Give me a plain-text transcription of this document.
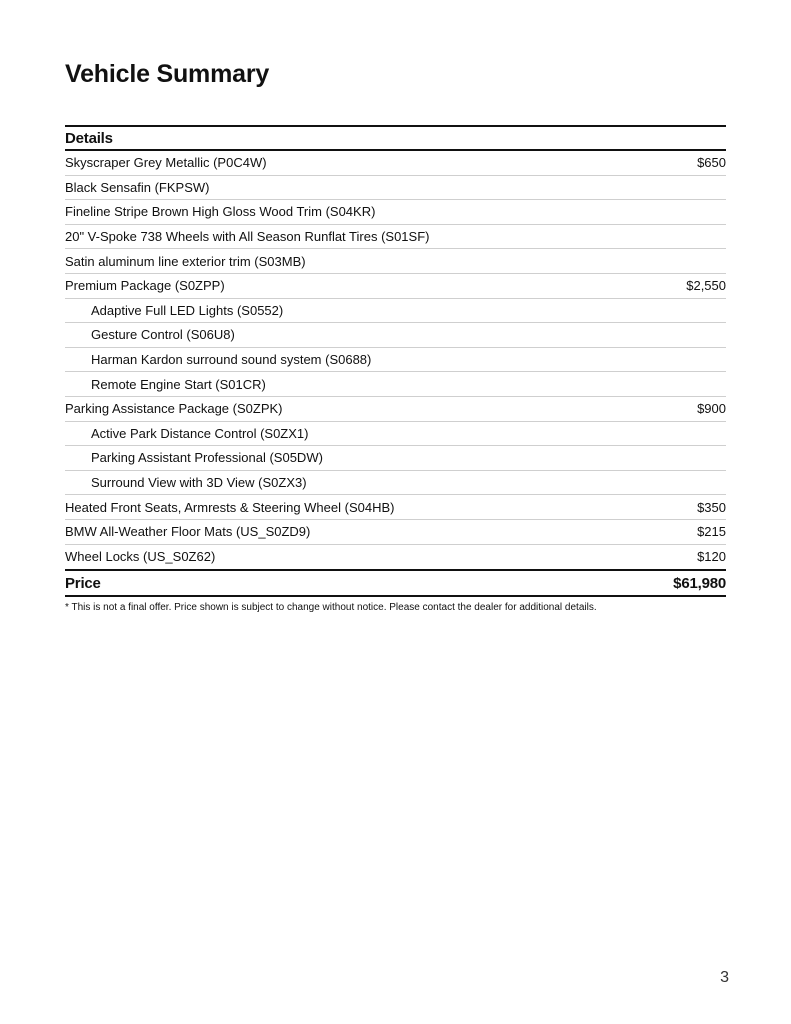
Vehicle Summary
Details
Skyscraper Grey Metallic (P0C4W)	$650
Black Sensafin (FKPSW)
Fineline Stripe Brown High Gloss Wood Trim (S04KR)
20" V-Spoke 738 Wheels with All Season Runflat Tires (S01SF)
Satin aluminum line exterior trim (S03MB)
Premium Package (S0ZPP)	$2,550
Adaptive Full LED Lights (S0552)
Gesture Control (S06U8)
Harman Kardon surround sound system (S0688)
Remote Engine Start (S01CR)
Parking Assistance Package (S0ZPK)	$900
Active Park Distance Control (S0ZX1)
Parking Assistant Professional (S05DW)
Surround View with 3D View (S0ZX3)
Heated Front Seats, Armrests & Steering Wheel (S04HB)	$350
BMW All-Weather Floor Mats (US_S0ZD9)	$215
Wheel Locks (US_S0Z62)	$120
Price	$61,980
* This is not a final offer. Price shown is subject to change without notice. Please contact the dealer for additional details.
3
